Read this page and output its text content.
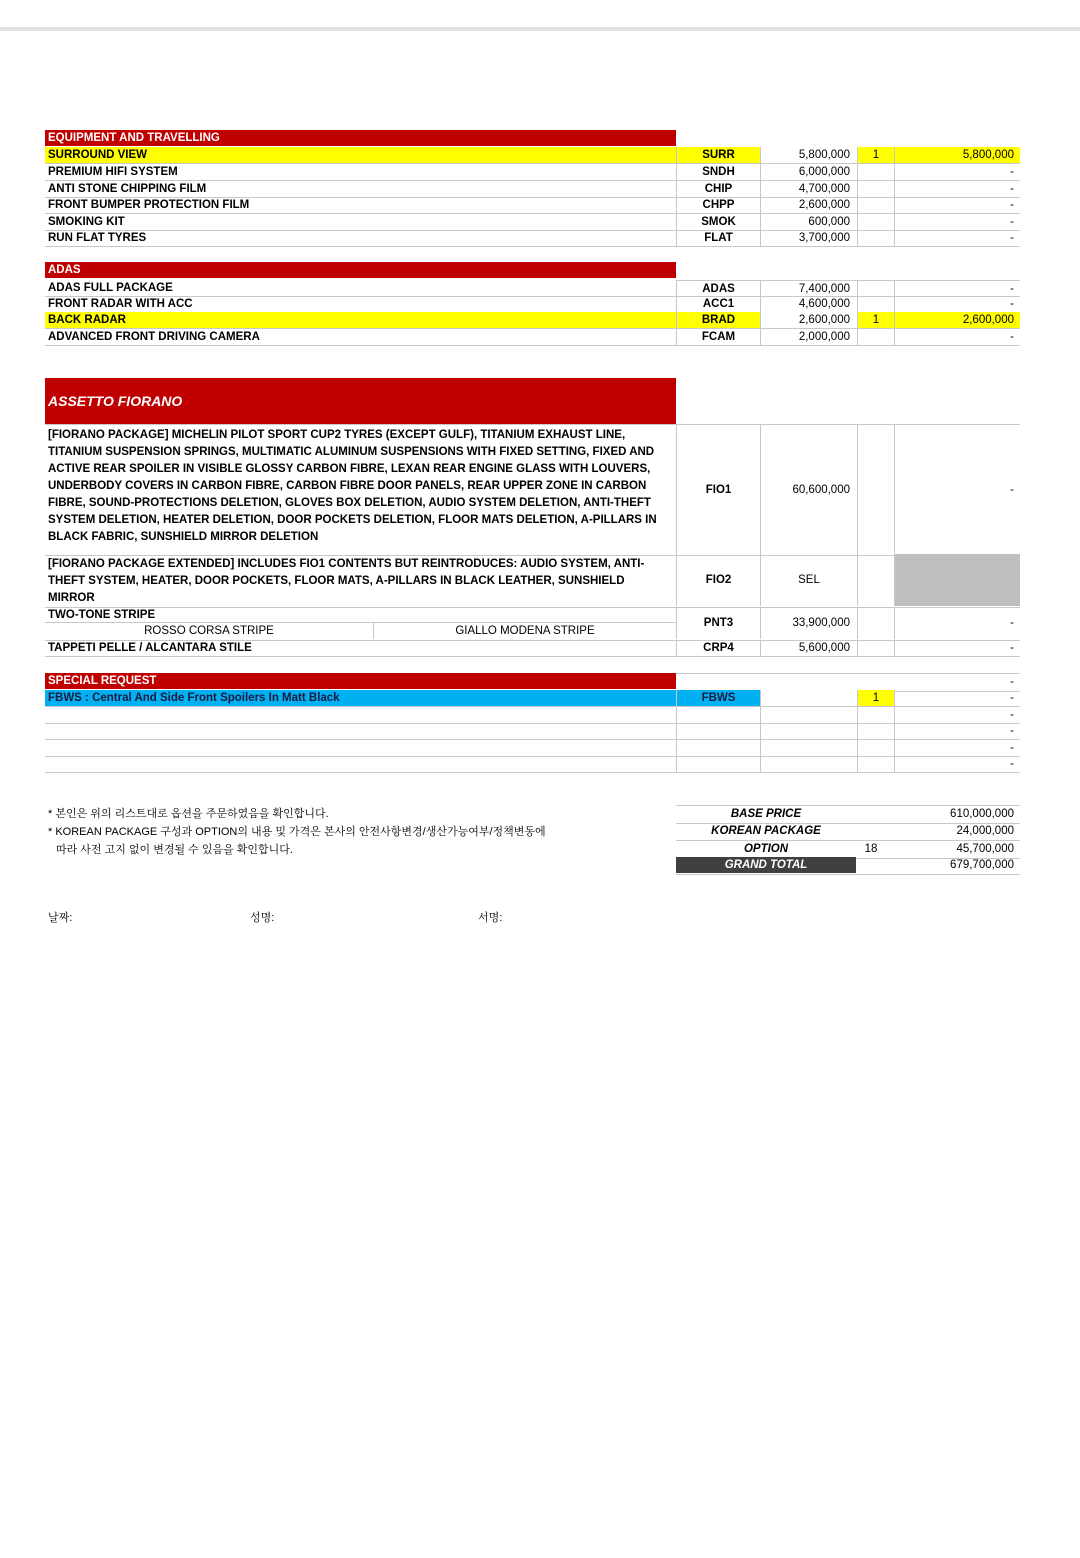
EQUIPMENT AND TRAVELLING
SURROUND VIEW	SURR	5,800,000	1	5,800,000
PREMIUM HIFI SYSTEM	SNDH	6,000,000	-
ANTI STONE CHIPPING FILM	CHIP	4,700,000	-
FRONT BUMPER PROTECTION FILM	CHPP	2,600,000	-
SMOKING KIT	SMOK	600,000	-
RUN FLAT TYRES	FLAT	3,700,000	-
ADAS
ADAS FULL PACKAGE	ADAS	7,400,000	-
FRONT RADAR WITH ACC	ACC1	4,600,000	-
BACK RADAR	BRAD	2,600,000	1	2,600,000
ADVANCED FRONT DRIVING CAMERA	FCAM	2,000,000	-
ASSETTO FIORANO
[FIORANO PACKAGE] MICHELIN PILOT SPORT CUP2 TYRES (EXCEPT GULF), TITANIUM EXHAUST LINE, TITANIUM SUSPENSION SPRINGS, MULTIMATIC ALUMINUM SUSPENSIONS WITH FIXED SETTING, FIXED AND ACTIVE REAR SPOILER IN VISIBLE GLOSSY CARBON FIBRE, LEXAN REAR ENGINE GLASS WITH LOUVERS, UNDERBODY COVERS IN CARBON FIBRE, CARBON FIBRE DOOR PANELS, REAR UPPER ZONE IN CARBON FIBRE, SOUND-PROTECTIONS DELETION, GLOVES BOX DELETION, AUDIO SYSTEM DELETION, ANTI-THEFT SYSTEM DELETION, HEATER DELETION, DOOR POCKETS DELETION, FLOOR MATS DELETION, A-PILLARS IN BLACK FABRIC, SUNSHIELD MIRROR DELETION
FIO1	60,600,000	-
[FIORANO PACKAGE EXTENDED] INCLUDES FIO1 CONTENTS BUT REINTRODUCES: AUDIO SYSTEM, ANTI-THEFT SYSTEM, HEATER, DOOR POCKETS, FLOOR MATS, A-PILLARS IN BLACK LEATHER, SUNSHIELD MIRROR
FIO2	SEL
TWO-TONE STRIPE
ROSSO CORSA STRIPE	GIALLO MODENA STRIPE
PNT3	33,900,000	-
TAPPETI PELLE / ALCANTARA STILE	CRP4	5,600,000	-
SPECIAL REQUEST	-
FBWS : Central And Side Front Spoilers In Matt Black	FBWS	1	-
-
-
-
-
* 본인은 위의 리스트대로 옵션을 주문하였음을 확인합니다.
* KOREAN PACKAGE 구성과 OPTION의 내용 및 가격은 본사의 안전사항변경/생산가능여부/정책변동에
따라 사전 고지 없이 변경될 수 있음을 확인합니다.
BASE PRICE	610,000,000
KOREAN PACKAGE	24,000,000
OPTION	18	45,700,000
GRAND TOTAL	679,700,000
날짜:	성명:	서명:
